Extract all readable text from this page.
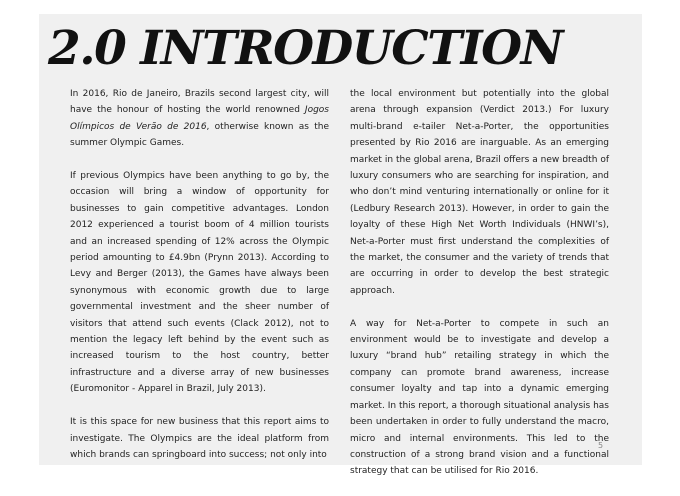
2.0 INTRODUCTION

In 2016, Rio de Janeiro, Brazils second largest city, will have the honour of hosting the world renowned Jogos Olímpicos de Verão de 2016, otherwise known as the summer Olympic Games.

If previous Olympics have been anything to go by, the occasion will bring a window of opportunity for businesses to gain competitive advantages. London 2012 experienced a tourist boom of 4 million tourists and an increased spending of 12% across the Olympic period amounting to £4.9bn (Prynn 2013). According to Levy and Berger (2013), the Games have always been synonymous with economic growth due to large governmental investment and the sheer number of visitors that attend such events (Clack 2012), not to mention the legacy left behind by the event such as increased tourism to the host country, better infrastructure and a diverse array of new businesses (Euromonitor - Apparel in Brazil, July 2013).

It is this space for new business that this report aims to investigate. The Olympics are the ideal platform from which brands can springboard into success; not only into

the local environment but potentially into the global arena through expansion (Verdict 2013.) For luxury multi-brand e-tailer Net-a-Porter, the opportunities presented by Rio 2016 are inarguable. As an emerging market in the global arena, Brazil offers a new breadth of luxury consumers who are searching for inspiration, and who don’t mind venturing internationally or online for it (Ledbury Research 2013). However, in order to gain the loyalty of these High Net Worth Individuals (HNWI’s), Net-a-Porter must first understand the complexities of the market, the consumer and the variety of trends that are occurring in order to develop the best strategic approach.

A way for Net-a-Porter to compete in such an environment would be to investigate and develop a luxury “brand hub” retailing strategy in which the company can promote brand awareness, increase consumer loyalty and tap into a dynamic emerging market. In this report, a thorough situational analysis has been undertaken in order to fully understand the macro, micro and internal environments. This led to the construction of a strong brand vision and a functional strategy that can be utilised for Rio 2016.

5
